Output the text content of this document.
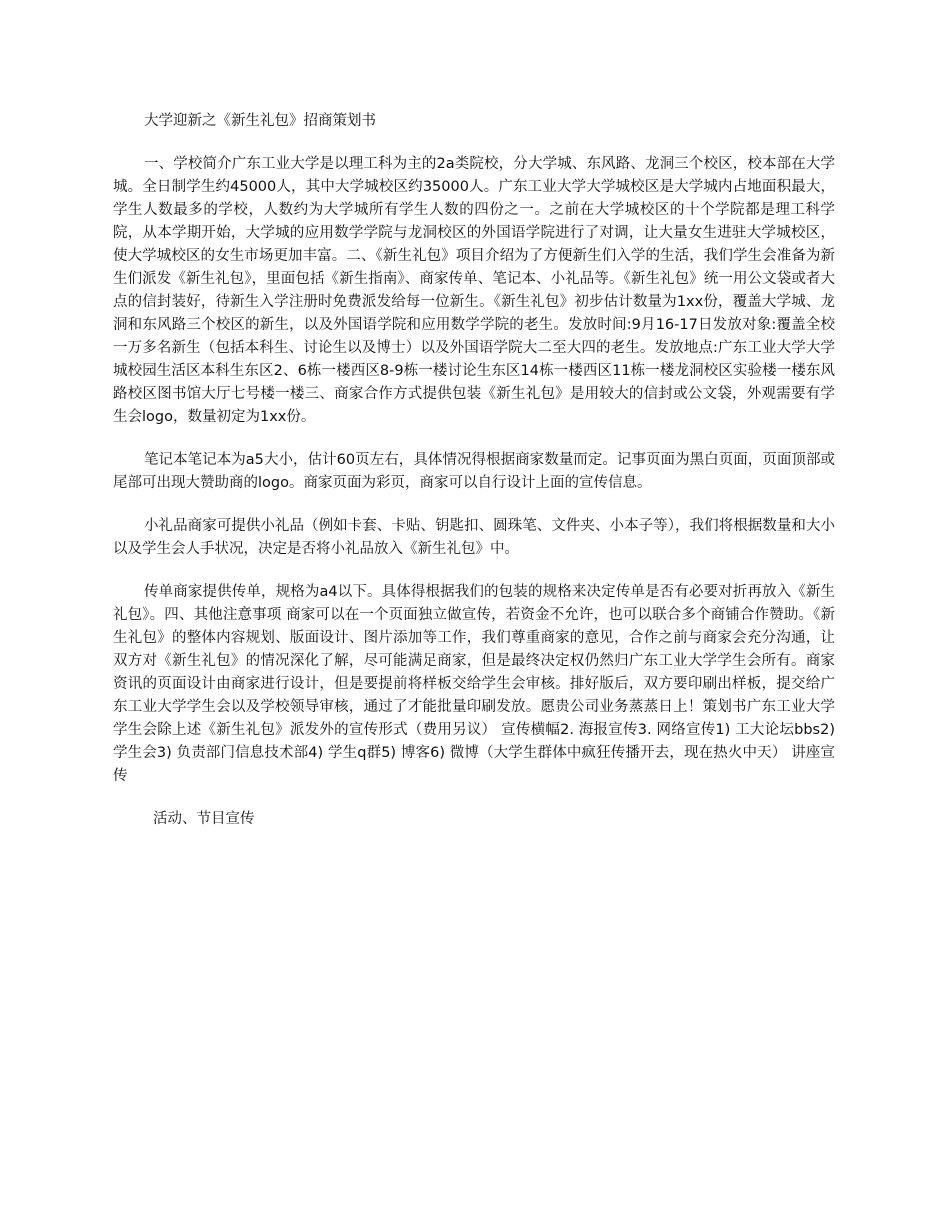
大学迎新之《新生礼包》招商策划书

一、学校简介广东工业大学是以理工科为主的2a类院校，分大学城、东风路、龙洞三个校区，校本部在大学城。全日制学生约45000人，其中大学城校区约35000人。广东工业大学大学城校区是大学城内占地面积最大，学生人数最多的学校，人数约为大学城所有学生人数的四份之一。之前在大学城校区的十个学院都是理工科学院，从本学期开始，大学城的应用数学学院与龙洞校区的外国语学院进行了对调，让大量女生进驻大学城校区，使大学城校区的女生市场更加丰富。二、《新生礼包》项目介绍为了方便新生们入学的生活，我们学生会准备为新生们派发《新生礼包》，里面包括《新生指南》、商家传单、笔记本、小礼品等。《新生礼包》统一用公文袋或者大点的信封装好，待新生入学注册时免费派发给每一位新生。《新生礼包》初步估计数量为1xx份，覆盖大学城、龙洞和东风路三个校区的新生，以及外国语学院和应用数学学院的老生。发放时间:9月16-17日发放对象:覆盖全校一万多名新生（包括本科生、讨论生以及博士）以及外国语学院大二至大四的老生。发放地点:广东工业大学大学城校园生活区本科生东区2、6栋一楼西区8-9栋一楼讨论生东区14栋一楼西区11栋一楼龙洞校区实验楼一楼东风路校区图书馆大厅七号楼一楼三、商家合作方式提供包装《新生礼包》是用较大的信封或公文袋，外观需要有学生会logo，数量初定为1xx份。

笔记本笔记本为a5大小，估计60页左右，具体情况得根据商家数量而定。记事页面为黑白页面，页面顶部或尾部可出现大赞助商的logo。商家页面为彩页，商家可以自行设计上面的宣传信息。

小礼品商家可提供小礼品（例如卡套、卡贴、钥匙扣、圆珠笔、文件夹、小本子等），我们将根据数量和大小以及学生会人手状况，决定是否将小礼品放入《新生礼包》中。

传单商家提供传单，规格为a4以下。具体得根据我们的包装的规格来决定传单是否有必要对折再放入《新生礼包》。四、其他注意事项 商家可以在一个页面独立做宣传，若资金不允许，也可以联合多个商铺合作赞助。《新生礼包》的整体内容规划、版面设计、图片添加等工作，我们尊重商家的意见，合作之前与商家会充分沟通，让双方对《新生礼包》的情况深化了解，尽可能满足商家，但是最终决定权仍然归广东工业大学学生会所有。商家资讯的页面设计由商家进行设计，但是要提前将样板交给学生会审核。排好版后，双方要印刷出样板，提交给广东工业大学学生会以及学校领导审核，通过了才能批量印刷发放。愿贵公司业务蒸蒸日上！策划书广东工业大学学生会除上述《新生礼包》派发外的宣传形式（费用另议） 宣传横幅2. 海报宣传3. 网络宣传1) 工大论坛bbs2) 学生会3) 负责部门信息技术部4) 学生q群5) 博客6) 微博（大学生群体中疯狂传播开去，现在热火中天） 讲座宣传

活动、节目宣传
